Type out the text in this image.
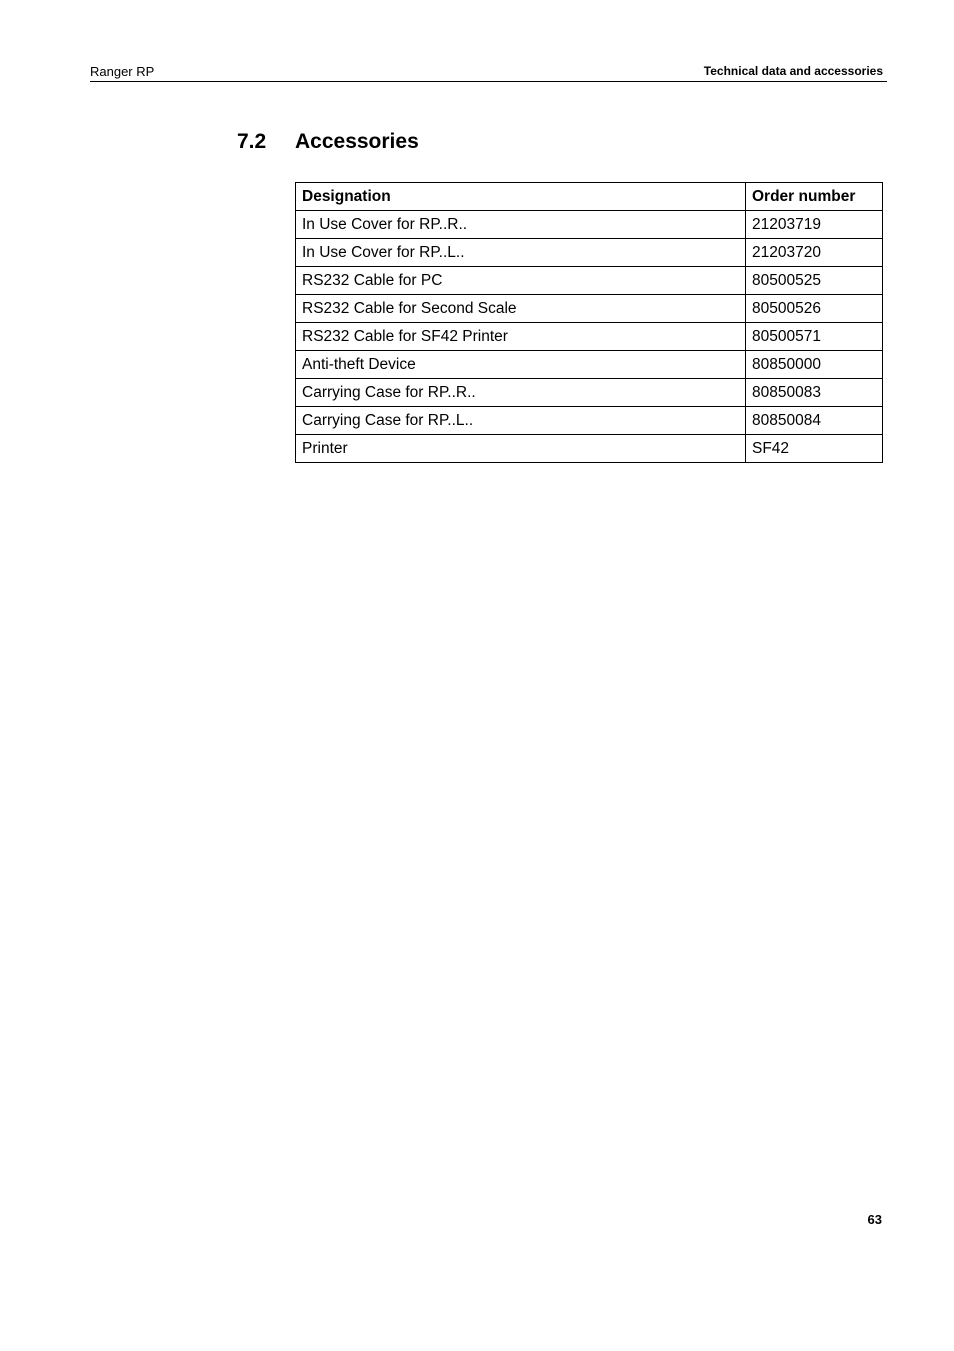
Ranger RP	Technical data and accessories
7.2 Accessories
Designation	Order number
In Use Cover for RP..R..	21203719
In Use Cover for RP..L..	21203720
RS232 Cable for PC	80500525
RS232 Cable for Second Scale	80500526
RS232 Cable for SF42 Printer	80500571
Anti-theft Device	80850000
Carrying Case for RP..R..	80850083
Carrying Case for RP..L..	80850084
Printer	SF42
63
